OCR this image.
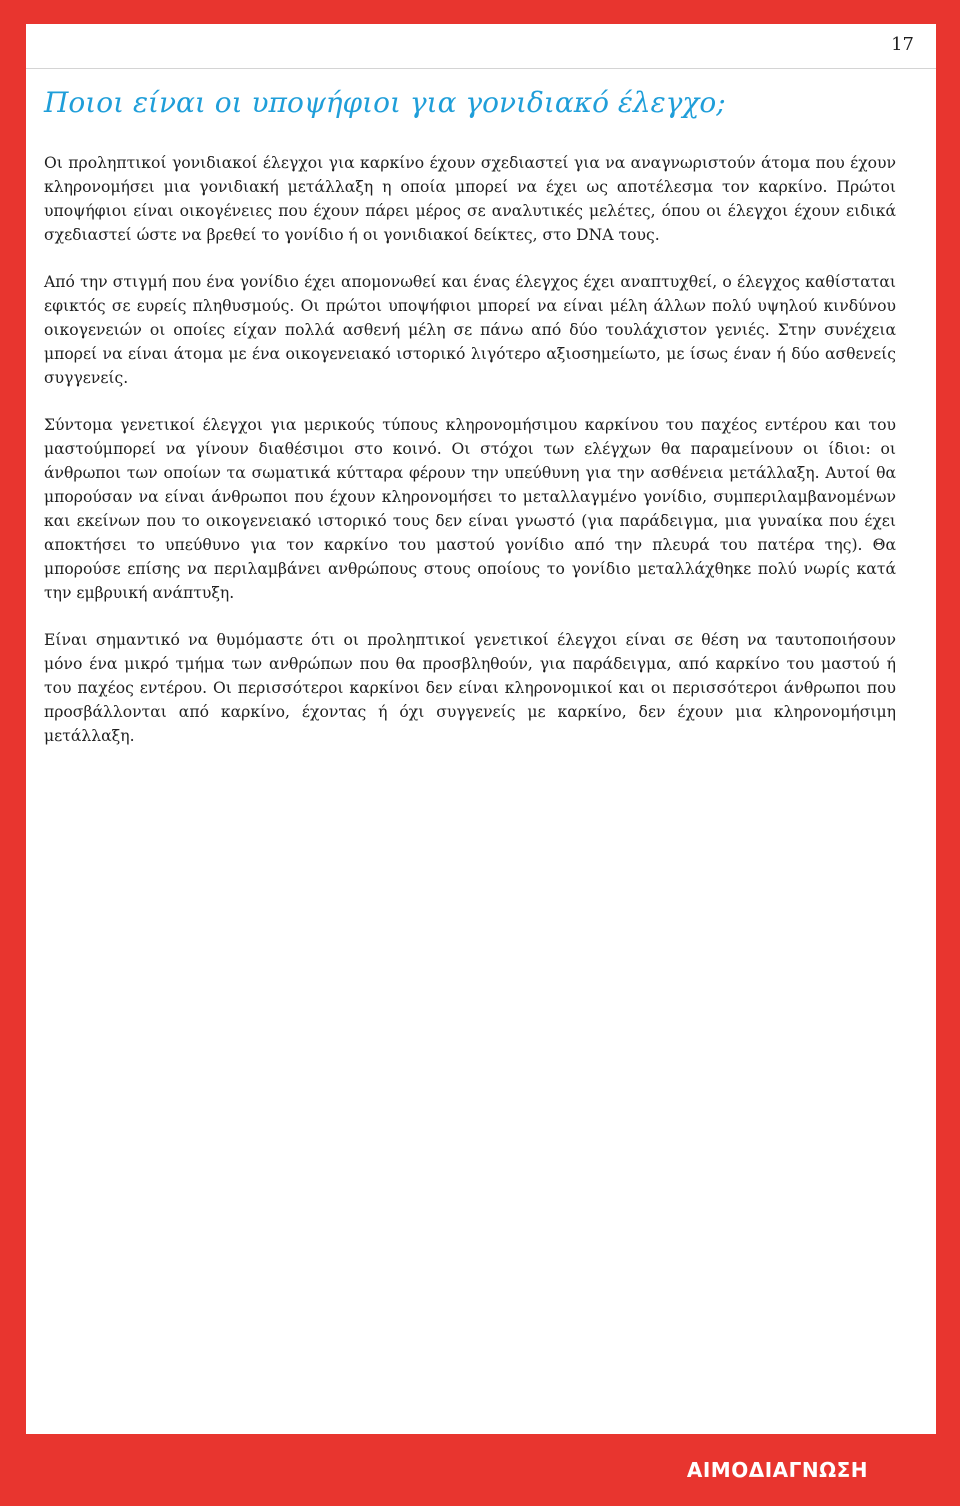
17
Ποιοι είναι οι υποψήφιοι για γονιδιακό έλεγχο;

Οι προληπτικοί γονιδιακοί έλεγχοι για καρκίνο έχουν σχεδιαστεί για να αναγνωριστούν άτομα που έχουν κληρονομήσει μια γονιδιακή μετάλλαξη η οποία μπορεί να έχει ως αποτέλεσμα τον καρκίνο. Πρώτοι υποψήφιοι είναι οικογένειες που έχουν πάρει μέρος σε αναλυτικές μελέτες, όπου οι έλεγχοι έχουν ειδικά σχεδιαστεί ώστε να βρεθεί το γονίδιο ή οι γονιδιακοί δείκτες, στο DNA τους.

Από την στιγμή που ένα γονίδιο έχει απομονωθεί και ένας έλεγχος έχει αναπτυχθεί, ο έλεγχος καθίσταται εφικτός σε ευρείς πληθυσμούς. Οι πρώτοι υποψήφιοι μπορεί να είναι μέλη άλλων πολύ υψηλού κινδύνου οικογενειών οι οποίες είχαν πολλά ασθενή μέλη σε πάνω από δύο τουλάχιστον γενιές. Στην συνέχεια μπορεί να είναι άτομα με ένα οικογενειακό ιστορικό λιγότερο αξιοσημείωτο, με ίσως έναν ή δύο ασθενείς συγγενείς.

Σύντομα γενετικοί έλεγχοι για μερικούς τύπους κληρονομήσιμου καρκίνου του παχέος εντέρου και του μαστούμπορεί να γίνουν διαθέσιμοι στο κοινό. Οι στόχοι των ελέγχων θα παραμείνουν οι ίδιοι: οι άνθρωποι των οποίων τα σωματικά κύτταρα φέρουν την υπεύθυνη για την ασθένεια μετάλλαξη. Αυτοί θα μπορούσαν να είναι άνθρωποι που έχουν κληρονομήσει το μεταλλαγμένο γονίδιο, συμπεριλαμβανομένων και εκείνων που το οικογενειακό ιστορικό τους δεν είναι γνωστό (για παράδειγμα, μια γυναίκα που έχει αποκτήσει το υπεύθυνο για τον καρκίνο του μαστού γονίδιο από την πλευρά του πατέρα της). Θα μπορούσε επίσης να περιλαμβάνει ανθρώπους στους οποίους το γονίδιο μεταλλάχθηκε πολύ νωρίς κατά την εμβρυική ανάπτυξη.

Είναι σημαντικό να θυμόμαστε ότι οι προληπτικοί γενετικοί έλεγχοι είναι σε θέση να ταυτοποιήσουν μόνο ένα μικρό τμήμα των ανθρώπων που θα προσβληθούν, για παράδειγμα, από καρκίνο του μαστού ή του παχέος εντέρου. Οι περισσότεροι καρκίνοι δεν είναι κληρονομικοί και οι περισσότεροι άνθρωποι που προσβάλλονται από καρκίνο, έχοντας ή όχι συγγενείς με καρκίνο, δεν έχουν μια κληρονομήσιμη μετάλλαξη.

ΑΙΜΟΔΙΑΓΝΩΣΗ
